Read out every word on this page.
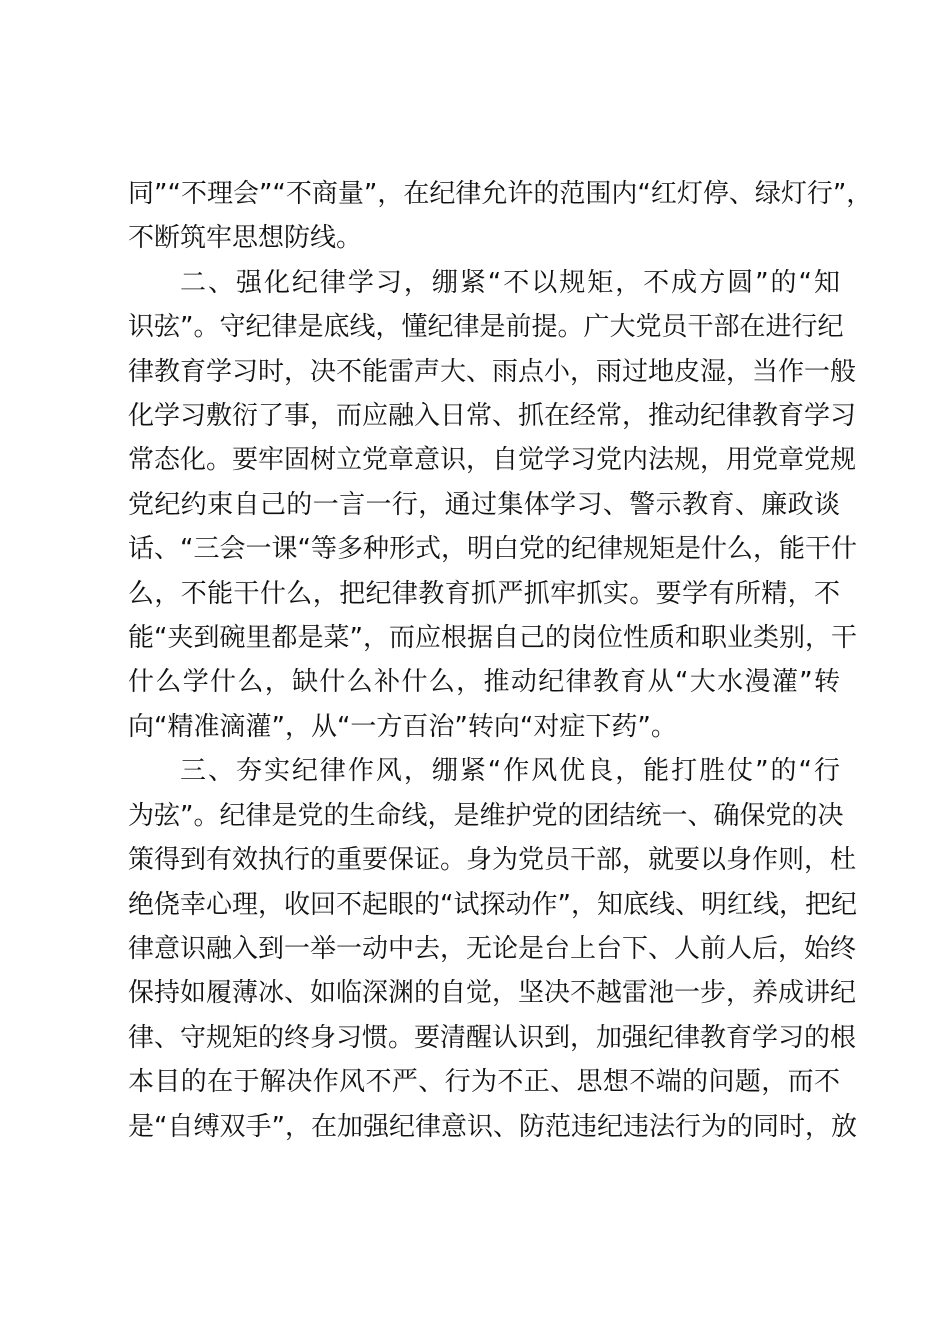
同”“不理会”“不商量”，在纪律允许的范围内“红灯停、绿灯行”，
不断筑牢思想防线。
二、强化纪律学习，绷紧“不以规矩，不成方圆”的“知
识弦”。守纪律是底线，懂纪律是前提。广大党员干部在进行纪
律教育学习时，决不能雷声大、雨点小，雨过地皮湿，当作一般
化学习敷衍了事，而应融入日常、抓在经常，推动纪律教育学习
常态化。要牢固树立党章意识，自觉学习党内法规，用党章党规
党纪约束自己的一言一行，通过集体学习、警示教育、廉政谈
话、“三会一课“等多种形式，明白党的纪律规矩是什么，能干什
么，不能干什么，把纪律教育抓严抓牢抓实。要学有所精，不
能“夹到碗里都是菜”，而应根据自己的岗位性质和职业类别，干
什么学什么，缺什么补什么，推动纪律教育从“大水漫灌”转
向“精准滴灌”，从“一方百治”转向“对症下药”。
三、夯实纪律作风，绷紧“作风优良，能打胜仗”的“行
为弦”。纪律是党的生命线，是维护党的团结统一、确保党的决
策得到有效执行的重要保证。身为党员干部，就要以身作则，杜
绝侥幸心理，收回不起眼的“试探动作”，知底线、明红线，把纪
律意识融入到一举一动中去，无论是台上台下、人前人后，始终
保持如履薄冰、如临深渊的自觉，坚决不越雷池一步，养成讲纪
律、守规矩的终身习惯。要清醒认识到，加强纪律教育学习的根
本目的在于解决作风不严、行为不正、思想不端的问题，而不
是“自缚双手”，在加强纪律意识、防范违纪违法行为的同时，放
